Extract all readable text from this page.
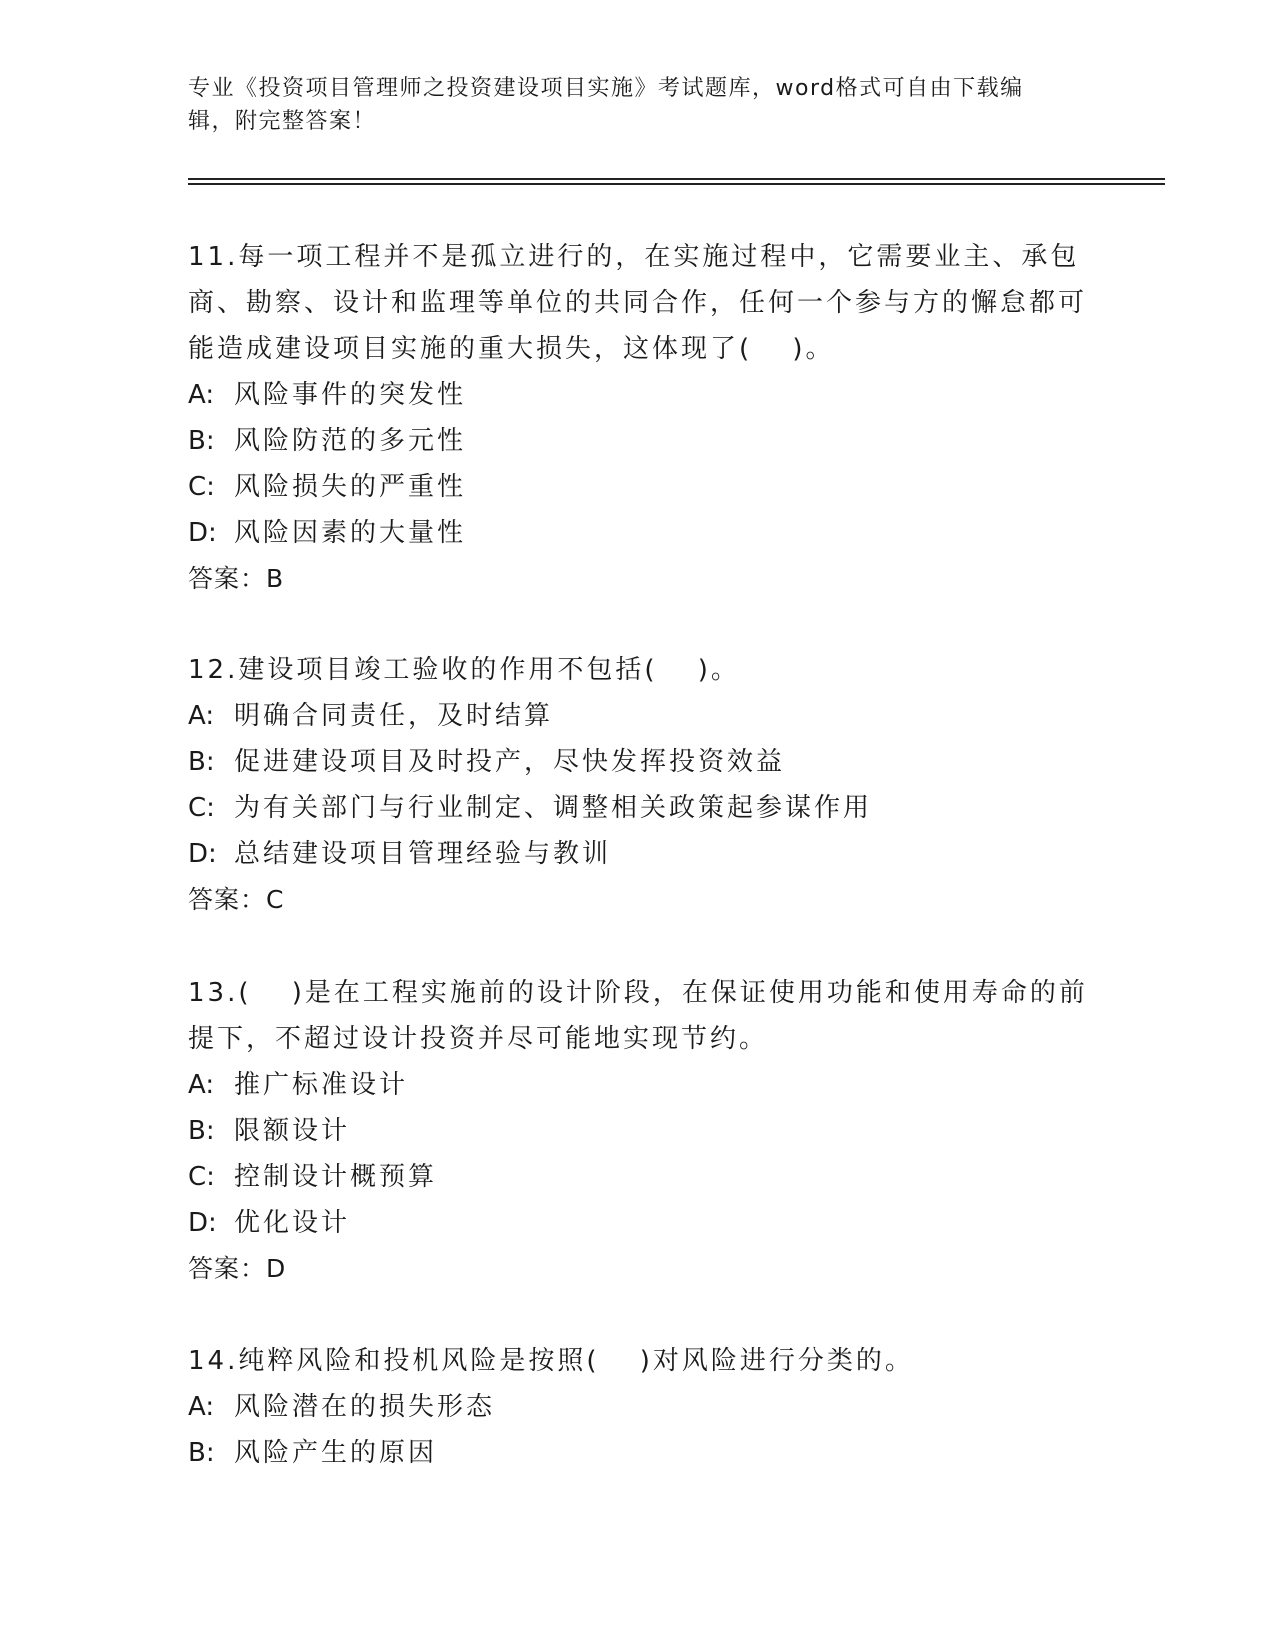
专业《投资项目管理师之投资建设项目实施》考试题库，word格式可自由下载编辑，附完整答案！

11.每一项工程并不是孤立进行的，在实施过程中，它需要业主、承包商、勘察、设计和监理等单位的共同合作，任何一个参与方的懈怠都可能造成建设项目实施的重大损失，这体现了(　 )。

A: 风险事件的突发性

B: 风险防范的多元性

C: 风险损失的严重性

D: 风险因素的大量性

答案：B

12.建设项目竣工验收的作用不包括(　 )。

A: 明确合同责任，及时结算

B: 促进建设项目及时投产，尽快发挥投资效益

C: 为有关部门与行业制定、调整相关政策起参谋作用

D: 总结建设项目管理经验与教训

答案：C

13.(　 )是在工程实施前的设计阶段，在保证使用功能和使用寿命的前提下，不超过设计投资并尽可能地实现节约。

A: 推广标准设计

B: 限额设计

C: 控制设计概预算

D: 优化设计

答案：D

14.纯粹风险和投机风险是按照(　 )对风险进行分类的。

A: 风险潜在的损失形态

B: 风险产生的原因
